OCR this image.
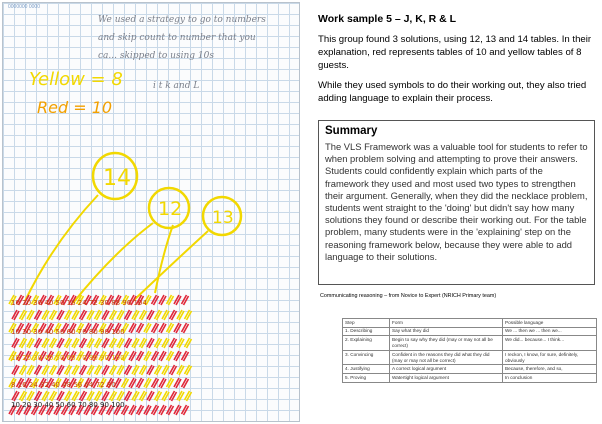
0000000 0000
We used a strategy to go to numbers
and skip count to number that you
ca... skipped to using 10s
i t k and L
Yellow = 8
Red = 10
14
12 13
10 20 30 40 50 16 24 72 30 88 96 104
10 20 30 40 50 60 70 80 90 100
10 20 30 40 50 60 70 80 90 100
8 16 24 32 40 48 56 64 72 80
10 20 30 40 50 60 70 80 90 100
Work sample 5 – J, K, R & L
This group found 3 solutions, using 12, 13 and 14 tables. In their explanation, red represents tables of 10 and yellow tables of 8 guests.
While they used symbols to do their working out, they also tried adding language to explain their process.
Summary

The VLS Framework was a valuable tool for students to refer to when problem solving and attempting to prove their answers. Students could confidently explain which parts of the framework they used and most used two types to strengthen their argument. Generally, when they did the necklace problem, students went straight to the 'doing' but didn't say how many solutions they found or describe their working out. For the table problem, many students were in the 'explaining' step on the reasoning framework below, because they were able to add language to their solutions.

Communicating reasoning – from Novice to Expert (NRICH Primary team)
Step	Form	Possible language
1. Describing	Say what they did	We ... then we ... then we...
2. Explaining	Begin to say why they did (may or may not all be correct)	We did... because... I think...
3. Convincing	Confident in the reasons they did what they did (may or may not all be correct)	I reckon, I know, for sure, definitely, obviously
4. Justifying	A correct logical argument	Because, therefore, and so,
5. Proving	Watertight logical argument	In conclusion
